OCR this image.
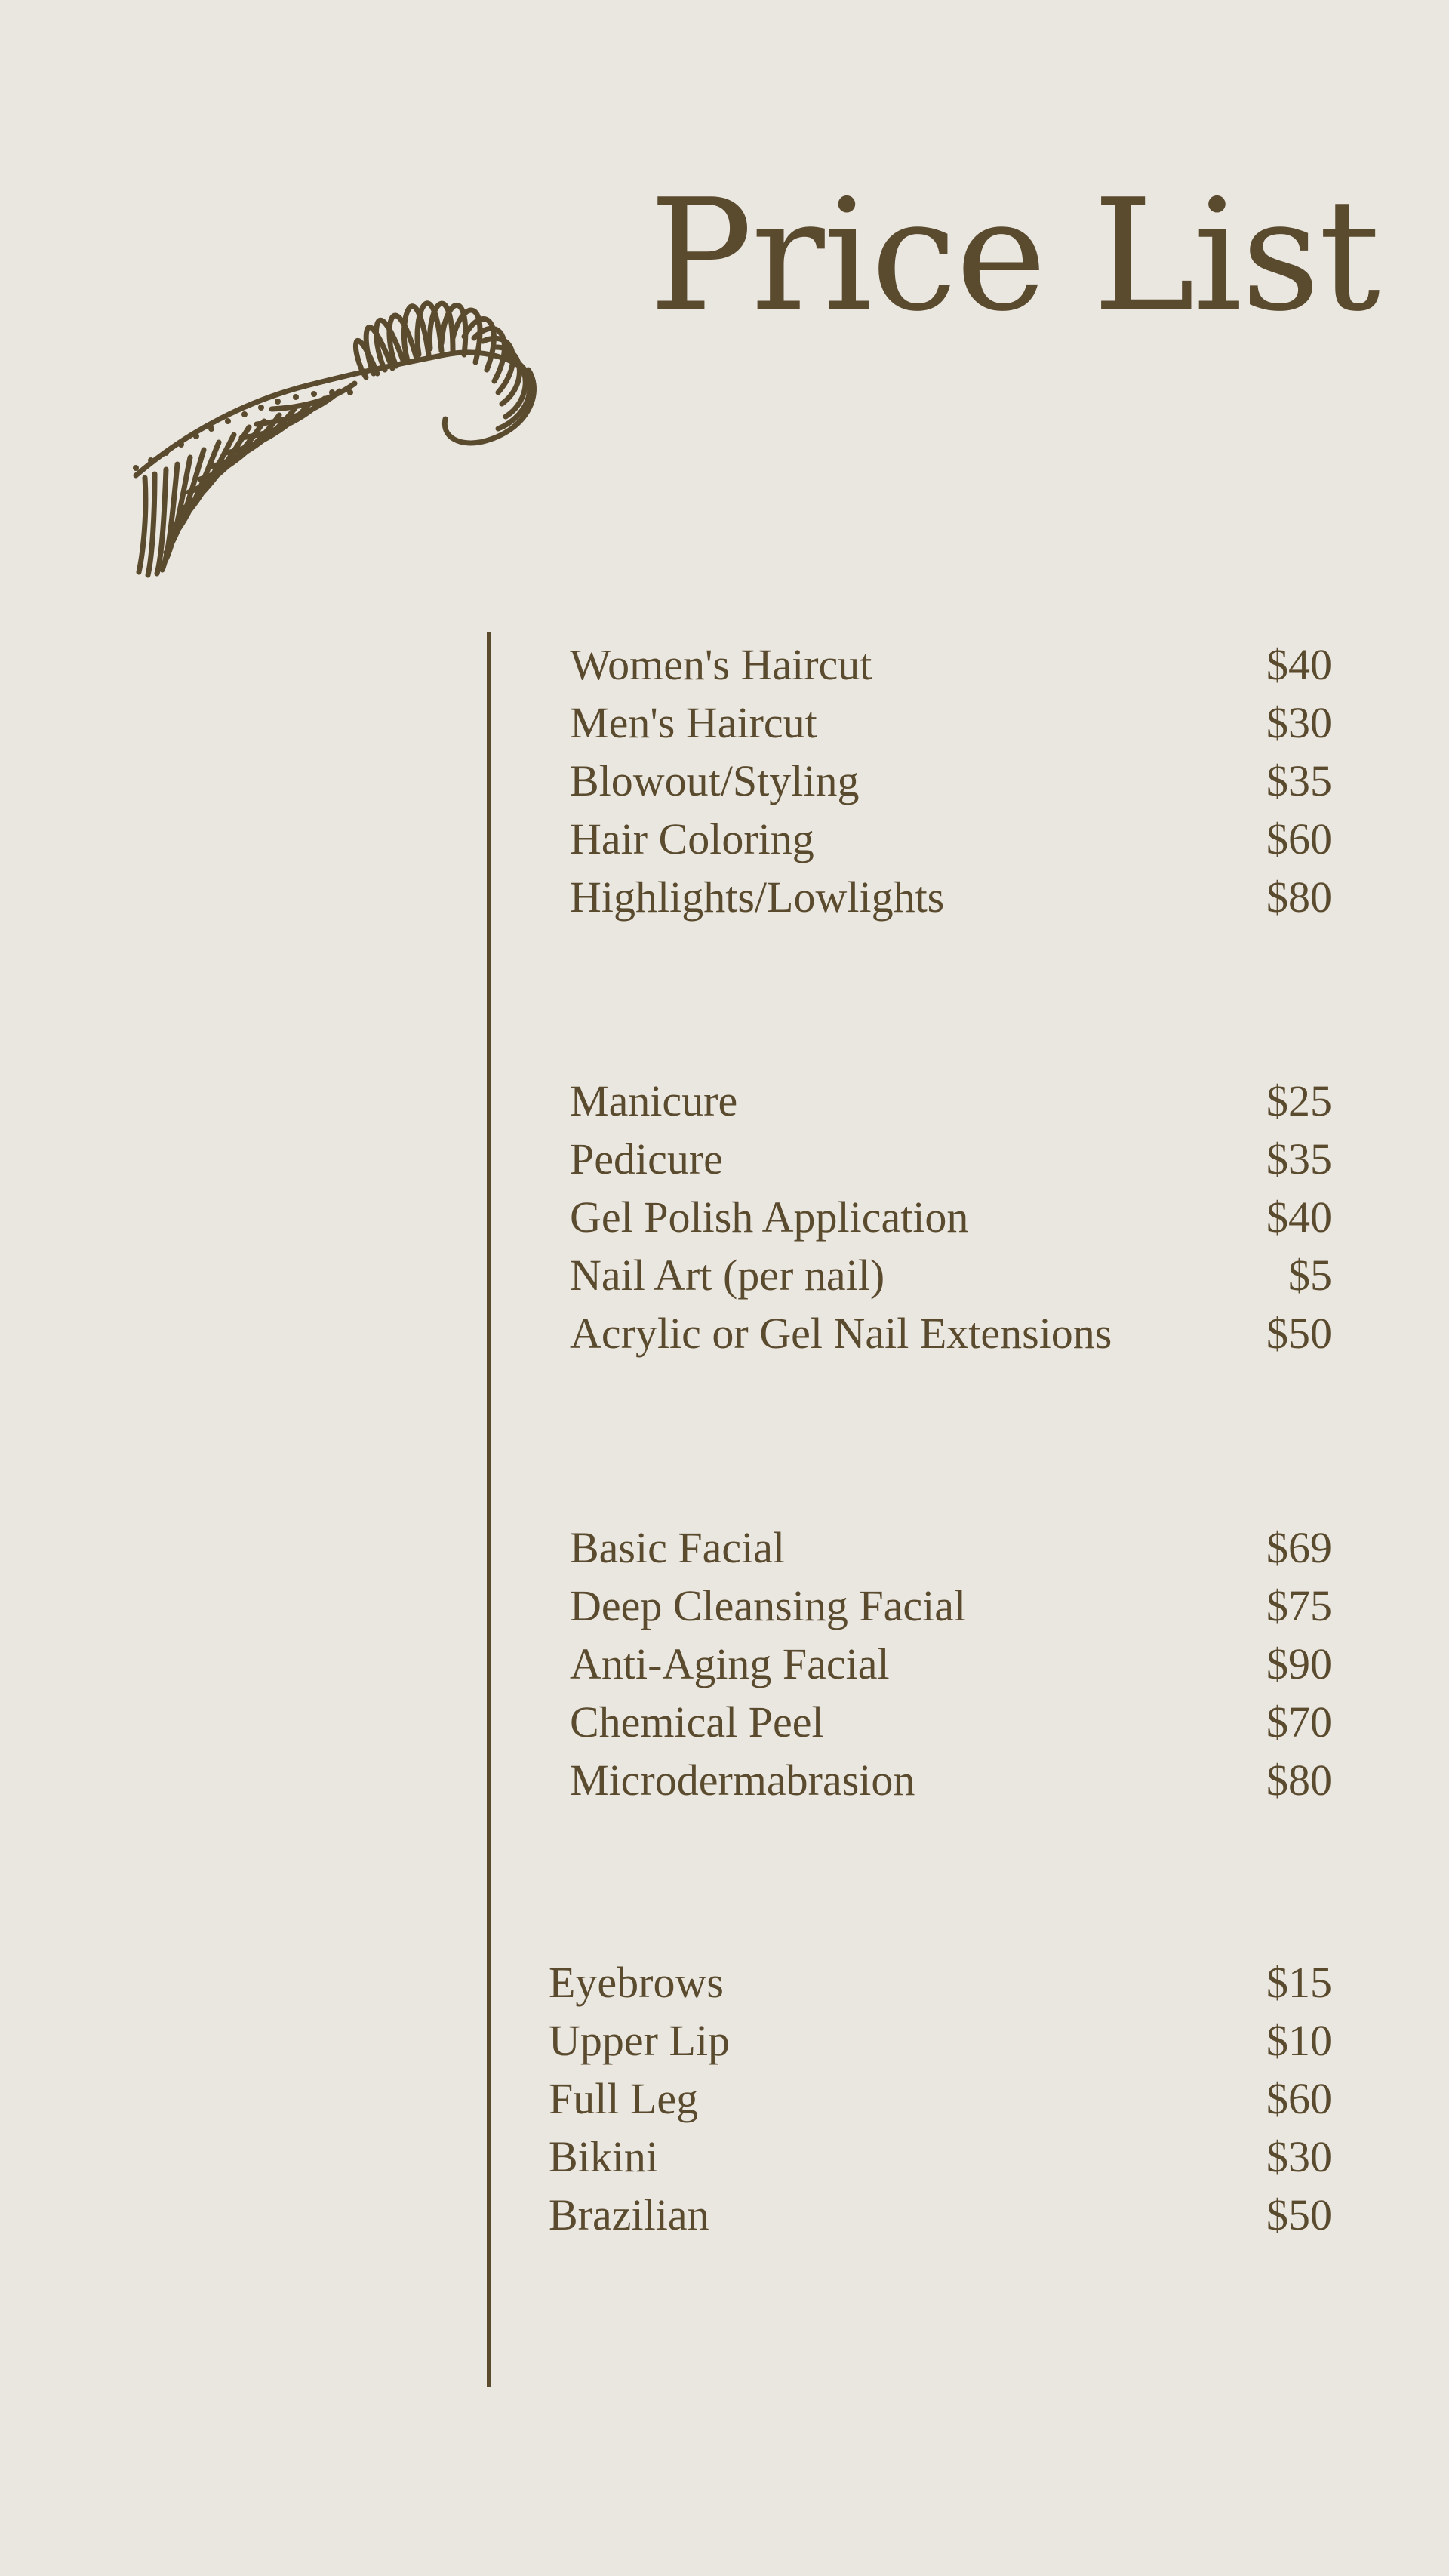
Price List
Women's Haircut	$40
Men's Haircut	$30
Blowout/Styling	$35
Hair Coloring	$60
Highlights/Lowlights	$80
Manicure	$25
Pedicure	$35
Gel Polish Application	$40
Nail Art (per nail)	$5
Acrylic or Gel Nail Extensions	$50
Basic Facial	$69
Deep Cleansing Facial	$75
Anti-Aging Facial	$90
Chemical Peel	$70
Microdermabrasion	$80
Eyebrows	$15
Upper Lip	$10
Full Leg	$60
Bikini	$30
Brazilian	$50
